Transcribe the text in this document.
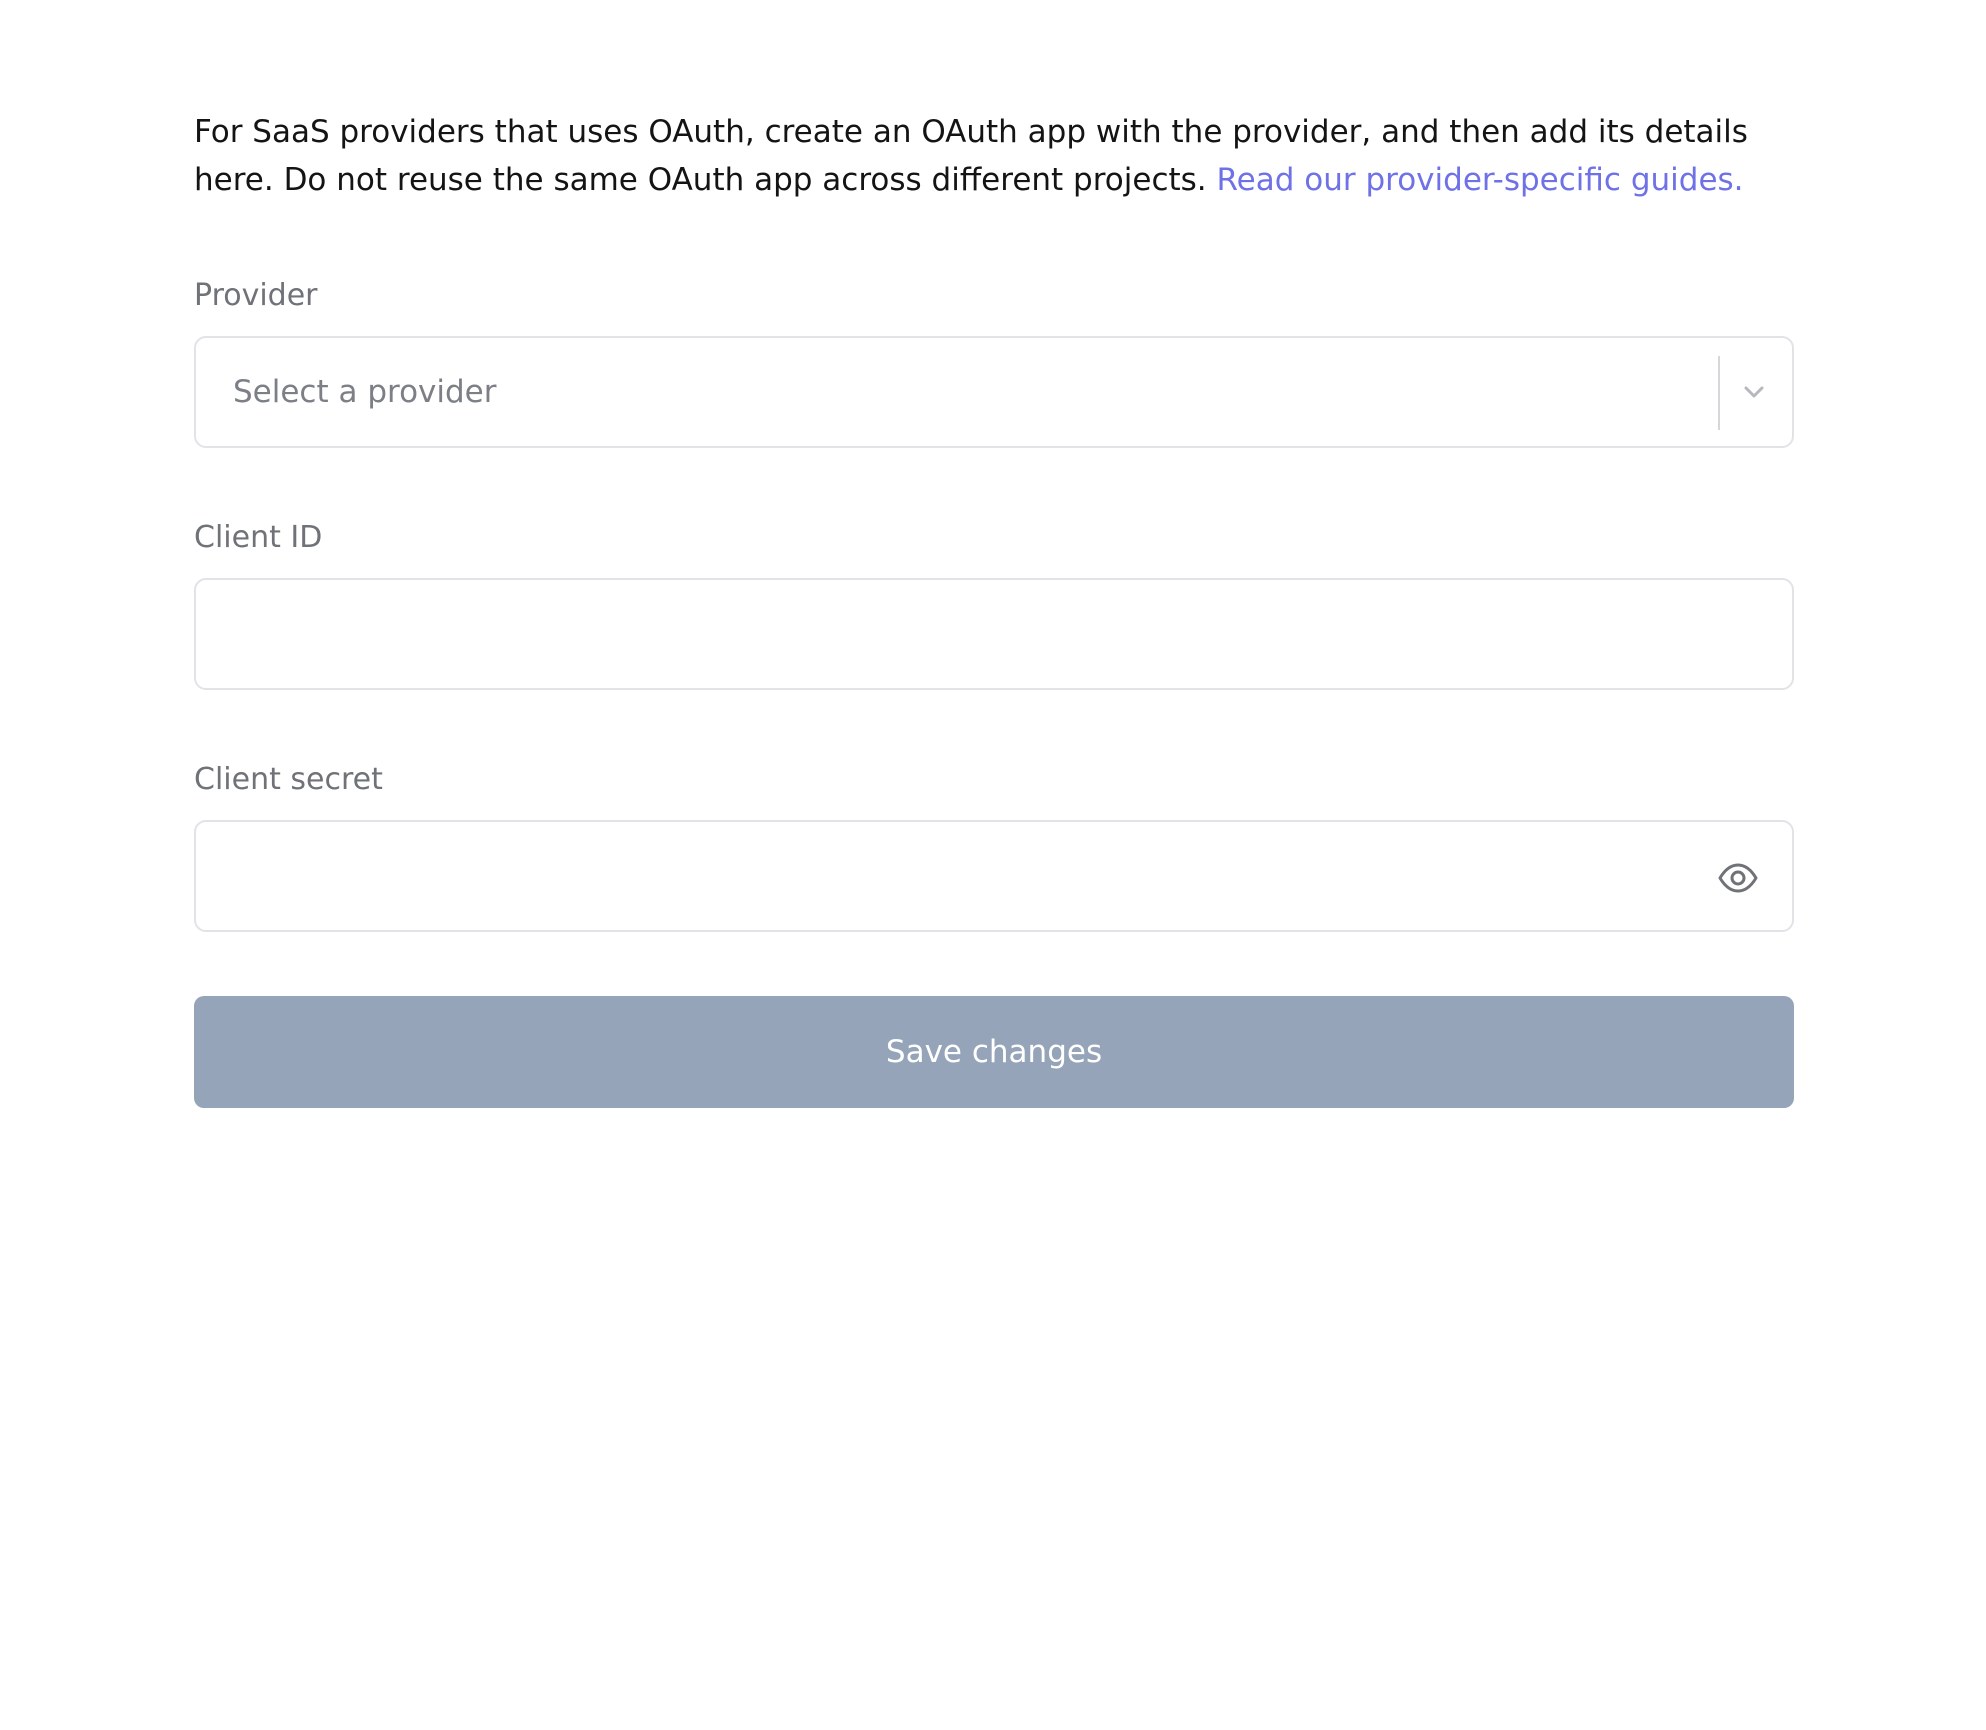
For SaaS providers that uses OAuth, create an OAuth app with the provider, and then add its details here. Do not reuse the same OAuth app across different projects. Read our provider-specific guides.

Provider
Select a provider
Client ID
Client secret
Save changes
